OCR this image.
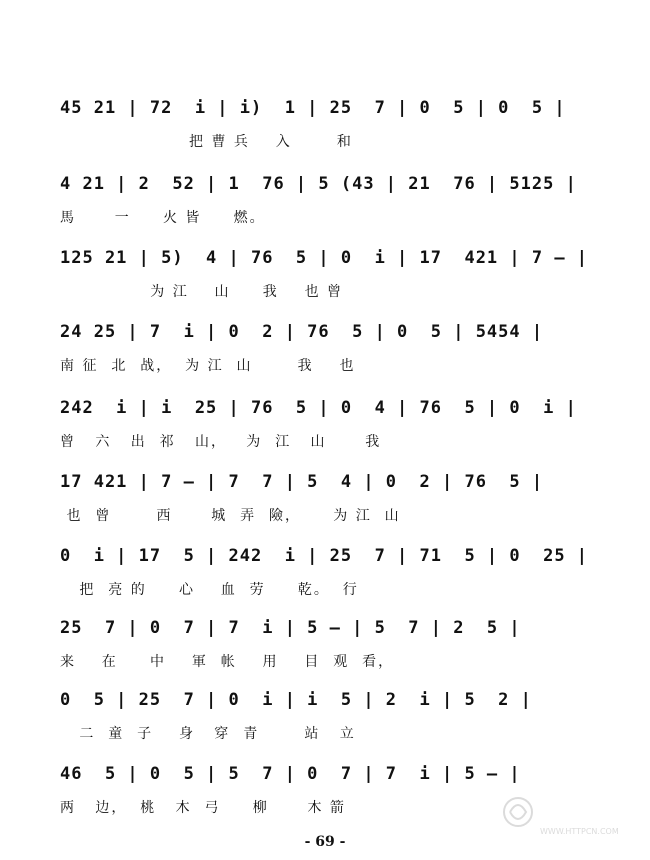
45 21 | 72  i | i)  1 | 25  7 | 0  5 | 0  5 |
把 曹 兵    入       和
4 21 | 2  52 | 1  76 | 5 (43 | 21  76 | 5125 |
馬      一     火 皆     燃。
125 21 | 5)  4 | 76  5 | 0  i | 17  421 | 7 — |
为 江    山     我    也 曾
24 25 | 7  i | 0  2 | 76  5 | 0  5 | 5454 |
南 征  北  战，  为 江  山       我    也
242  i | i  25 | 76  5 | 0  4 | 76  5 | 0  i |
曾   六   出  祁   山，   为  江   山      我
17 421 | 7 — | 7  7 | 5  4 | 0  2 | 76  5 |
也  曾       西      城  弄  險，     为 江  山
0  i | 17  5 | 242  i | 25  7 | 71  5 | 0  25 |
把  亮 的     心    血  劳     乾。  行
25  7 | 0  7 | 7  i | 5 — | 5  7 | 2  5 |
来    在     中    軍  帐    用    目  观  看，
0  5 | 25  7 | 0  i | i  5 | 2  i | 5  2 |
二  童  子    身   穿  青       站   立
46  5 | 0  5 | 5  7 | 0  7 | 7  i | 5 — |
两   边，  桃   木  弓     柳      木 箭
- 69 -
WWW.HTTPCN.COM
